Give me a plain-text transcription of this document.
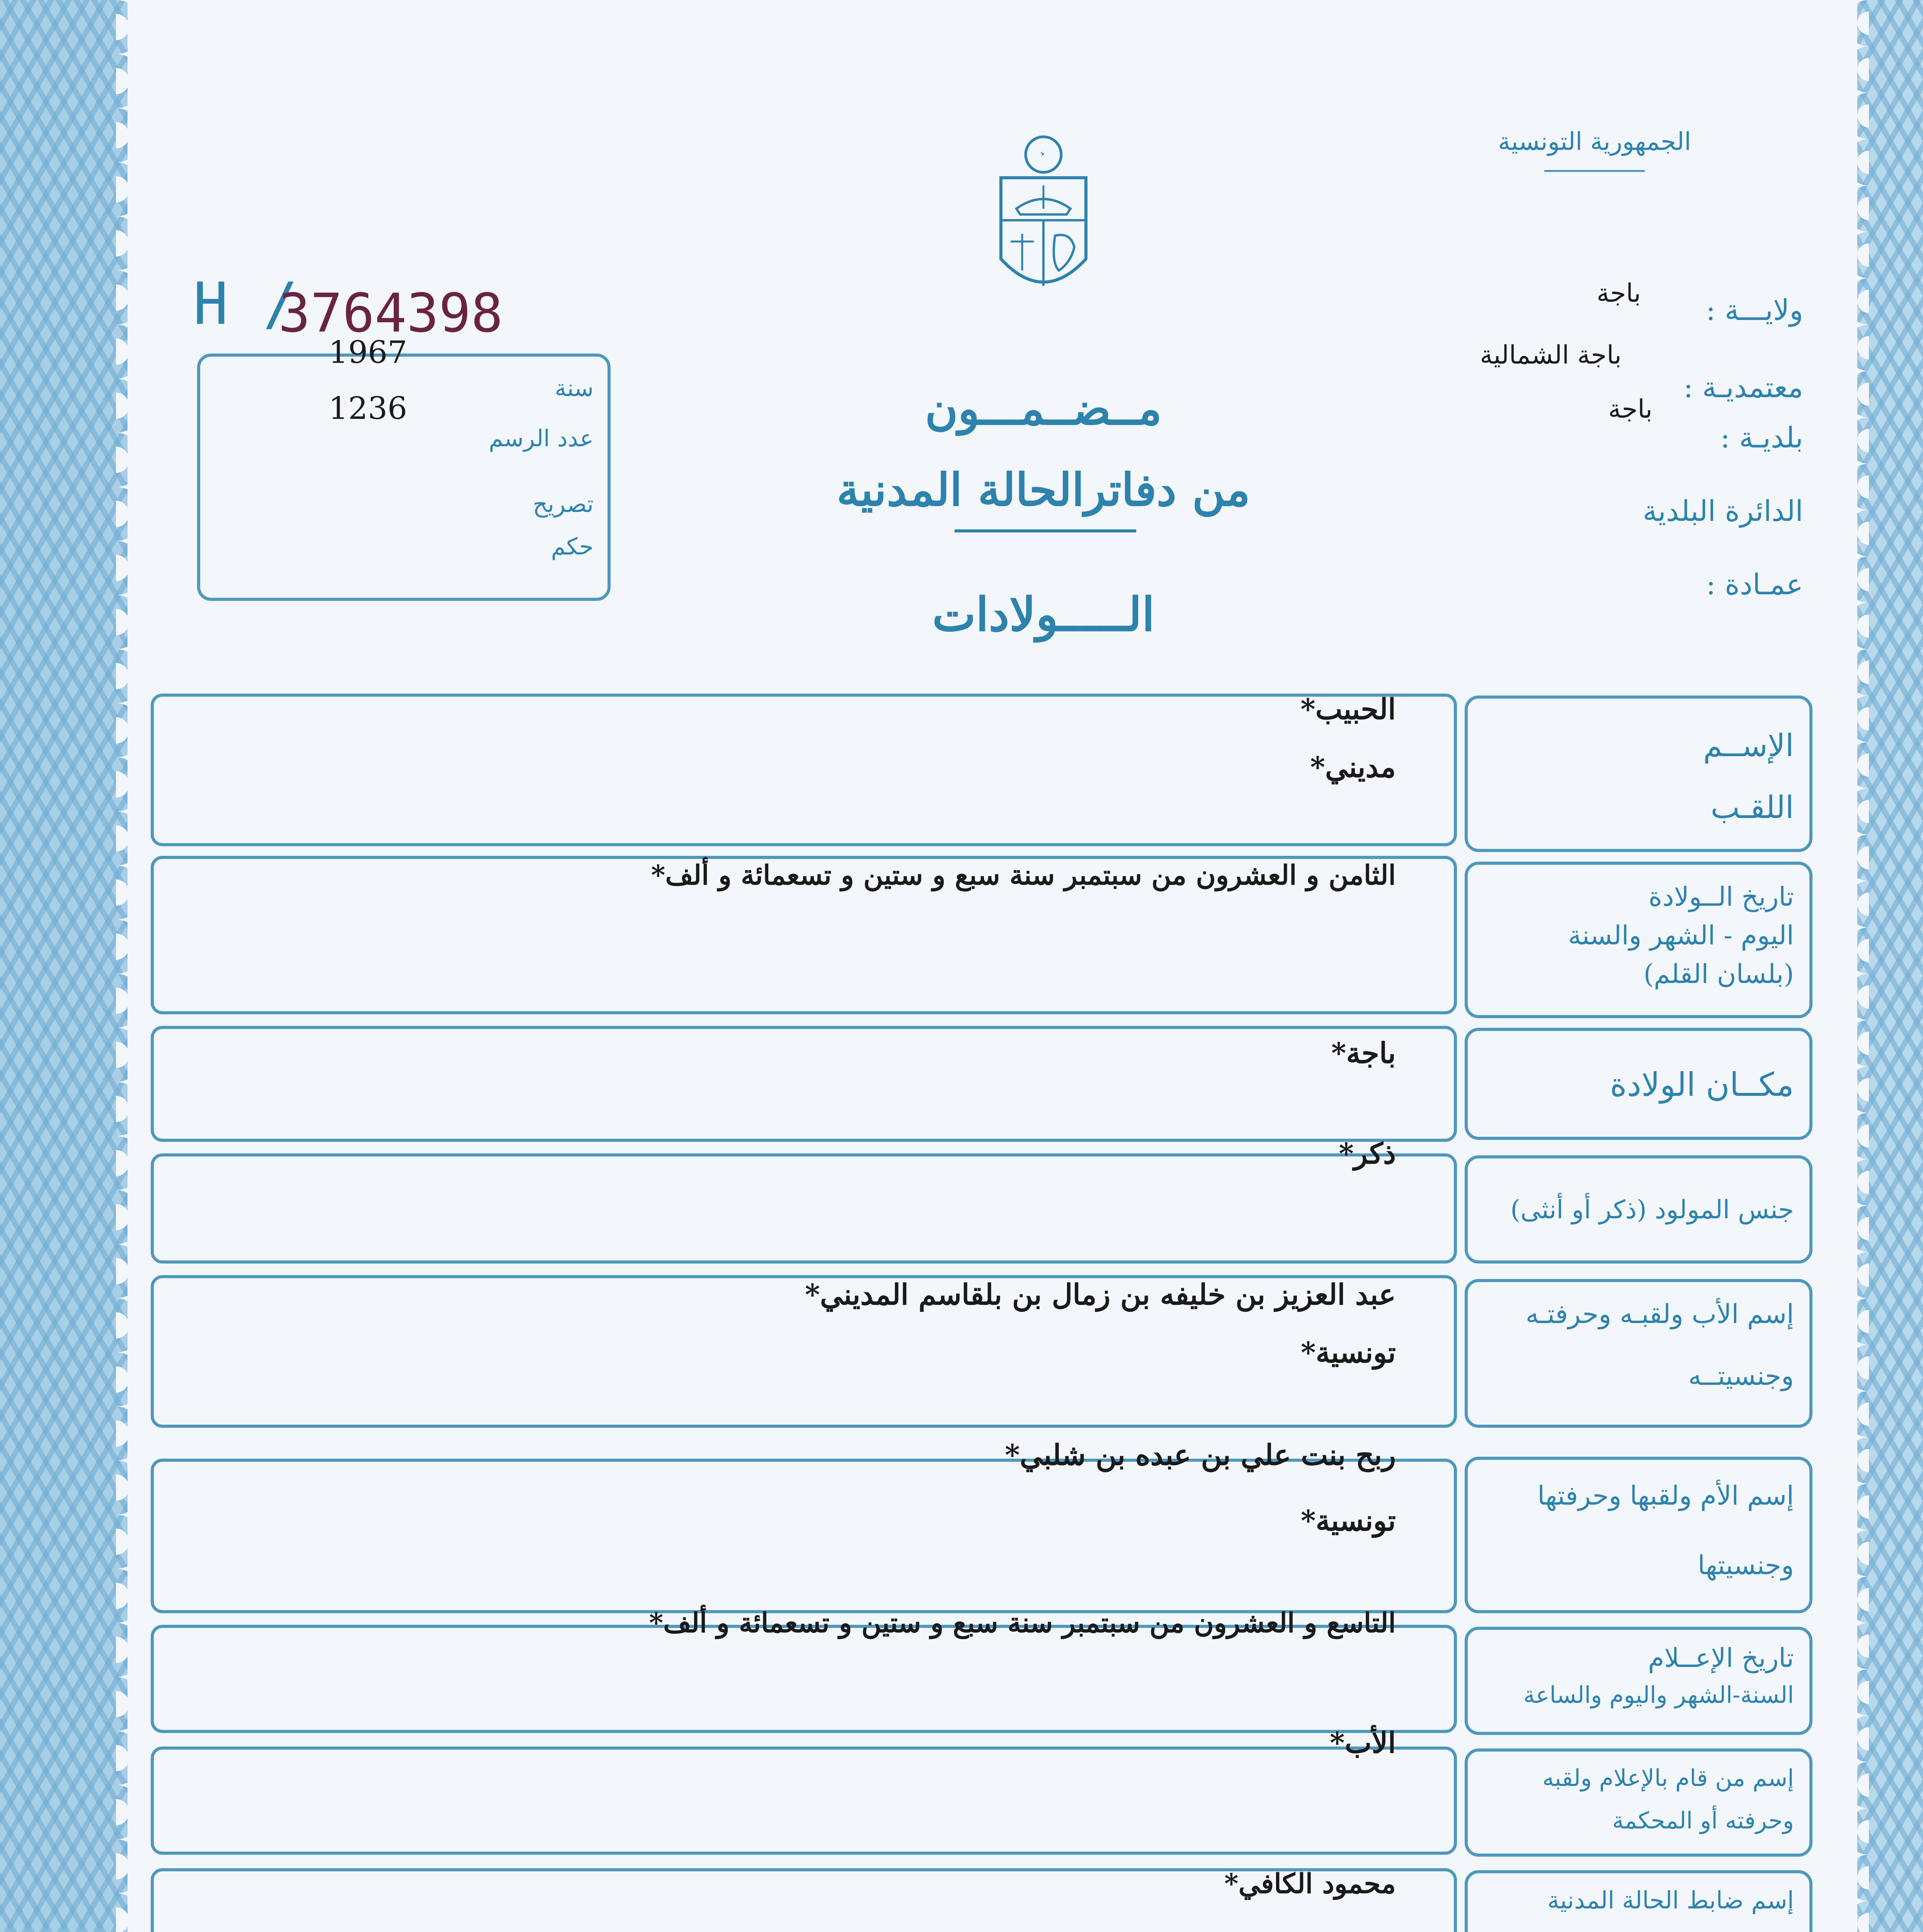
الجمهورية التونسية
ولايـــة :
باجة
معتمديـة :
باجة الشمالية
بلديـة :
باجة
الدائرة البلدية
عمـادة :
H /
3764398
1967
1236
سنة
عدد الرسم
تصريح
حكم
مــضــمـــون
من دفاترالحالة المدنية
الـــــولادات
الإســم
اللقـب
الحبيب*
مديني*
تاريخ الــولادة
اليوم - الشهر والسنة
(بلسان القلم)
الثامن و العشرون من سبتمبر سنة سبع و ستين و تسعمائة و ألف*
مكــان الولادة
باجة*
جنس المولود (ذكر أو أنثى)
ذكر*
إسم الأب ولقبـه وحرفتـه
وجنسيتــه
عبد العزيز بن خليفه بن زمال بن بلقاسم المديني*
تونسية*
إسم الأم ولقبها وحرفتها
وجنسيتها
ربح بنت علي بن عبده بن شلبي*
تونسية*
تاريخ الإعــلام
السنة-الشهر واليوم والساعة
التاسع و العشرون من سبتمبر سنة سبع و ستين و تسعمائة و ألف*
إسم من قام بالإعلام ولقبه
وحرفته أو المحكمة
الأب*
إسم ضابط الحالة المدنية
محمود الكافي*
